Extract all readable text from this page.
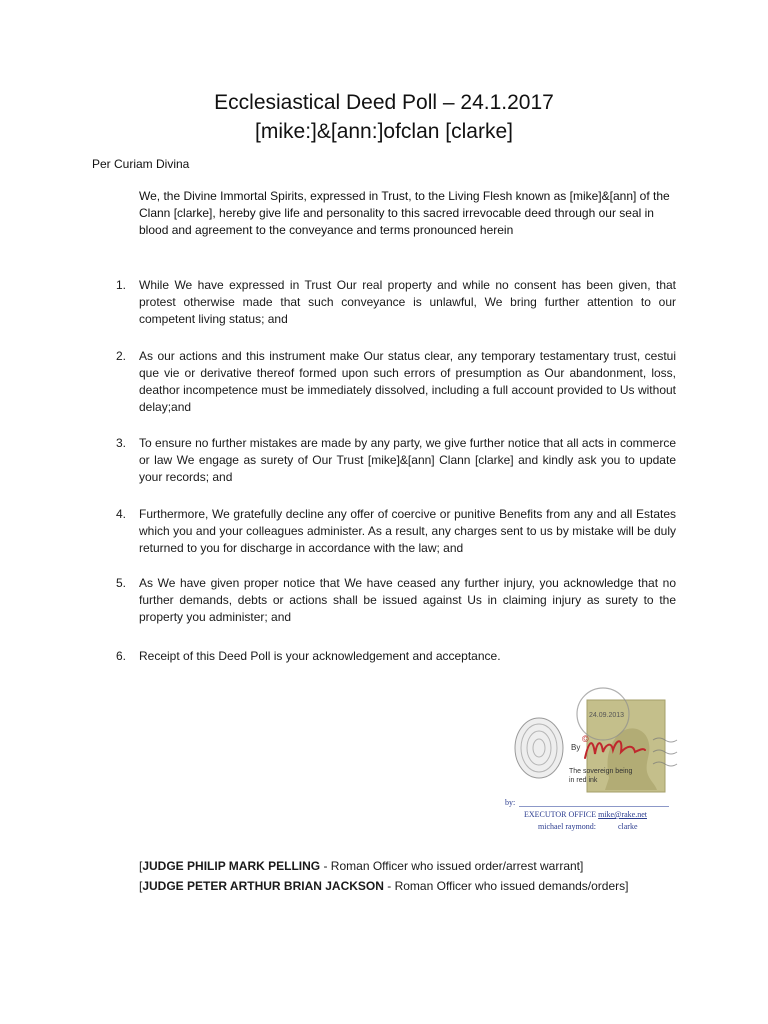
Ecclesiastical Deed Poll – 24.1.2017
[mike:]&[ann:]ofclan [clarke]
Per Curiam Divina
We, the Divine Immortal Spirits, expressed in Trust, to the Living Flesh known as [mike]&[ann] of the Clann [clarke], hereby give life and personality to this sacred irrevocable deed through our seal in blood and agreement to the conveyance and terms pronounced herein
1.	While We have expressed in Trust Our real property and while no consent has been given, that protest otherwise made that such conveyance is unlawful, We bring further attention to our competent living status; and
2.	As our actions and this instrument make Our status clear, any temporary testamentary trust, cestui que vie or derivative thereof formed upon such errors of presumption as Our abandonment, loss, deathor incompetence must be immediately dissolved, including a full account provided to Us without delay;and
3.	To ensure no further mistakes are made by any party, we give further notice that all acts in commerce or law We engage as surety of Our Trust [mike]&[ann] Clann [clarke] and kindly ask you to update your records; and
4.	Furthermore, We gratefully decline any offer of coercive or punitive Benefits from any and all Estates which you and your colleagues administer. As a result, any charges sent to us by mistake will be duly returned to you for discharge in accordance with the law; and
5.	As We have given proper notice that We have ceased any further injury, you acknowledge that no further demands, debts or actions shall be issued against Us in claiming injury as surety to the property you administer; and
6.	Receipt of this Deed Poll is your acknowledgement and acceptance.
24.09.2013
By
©
The sovereign being
in red ink
by:
EXECUTOR OFFICE mike@rake.net
michael raymond:	clarke
[JUDGE PHILIP MARK PELLING - Roman Officer who issued order/arrest warrant]
[JUDGE PETER ARTHUR BRIAN JACKSON - Roman Officer who issued demands/orders]
